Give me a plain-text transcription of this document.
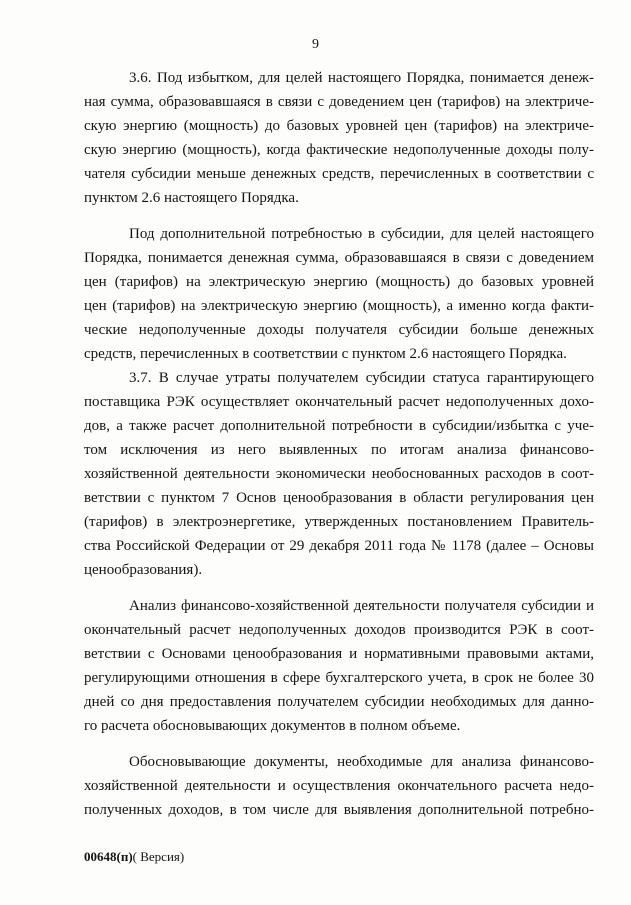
9
3.6. Под избытком, для целей настоящего Порядка, понимается денеж-
ная сумма, образовавшаяся в связи с доведением цен (тарифов) на электриче-
скую энергию (мощность) до базовых уровней цен (тарифов) на электриче-
скую энергию (мощность), когда фактические недополученные доходы полу-
чателя субсидии меньше денежных средств, перечисленных в соответствии с
пунктом 2.6 настоящего Порядка.
Под дополнительной потребностью в субсидии, для целей настоящего
Порядка, понимается денежная сумма, образовавшаяся в связи с доведением
цен (тарифов) на электрическую энергию (мощность) до базовых уровней
цен (тарифов) на электрическую энергию (мощность), а именно когда факти-
ческие недополученные доходы получателя субсидии больше денежных
средств, перечисленных в соответствии с пунктом 2.6 настоящего Порядка.
3.7. В случае утраты получателем субсидии статуса гарантирующего
поставщика РЭК осуществляет окончательный расчет недополученных дохо-
дов, а также расчет дополнительной потребности в субсидии/избытка с уче-
том исключения из него выявленных по итогам анализа финансово-
хозяйственной деятельности экономически необоснованных расходов в соот-
ветствии с пунктом 7 Основ ценообразования в области регулирования цен
(тарифов) в электроэнергетике, утвержденных постановлением Правитель-
ства Российской Федерации от 29 декабря 2011 года № 1178 (далее – Основы
ценообразования).
Анализ финансово-хозяйственной деятельности получателя субсидии и
окончательный расчет недополученных доходов производится РЭК в соот-
ветствии с Основами ценообразования и нормативными правовыми актами,
регулирующими отношения в сфере бухгалтерского учета, в срок не более 30
дней со дня предоставления получателем субсидии необходимых для данно-
го расчета обосновывающих документов в полном объеме.
Обосновывающие документы, необходимые для анализа финансово-
хозяйственной деятельности и осуществления окончательного расчета недо-
полученных доходов, в том числе для выявления дополнительной потребно-
00648(п)( Версия)
